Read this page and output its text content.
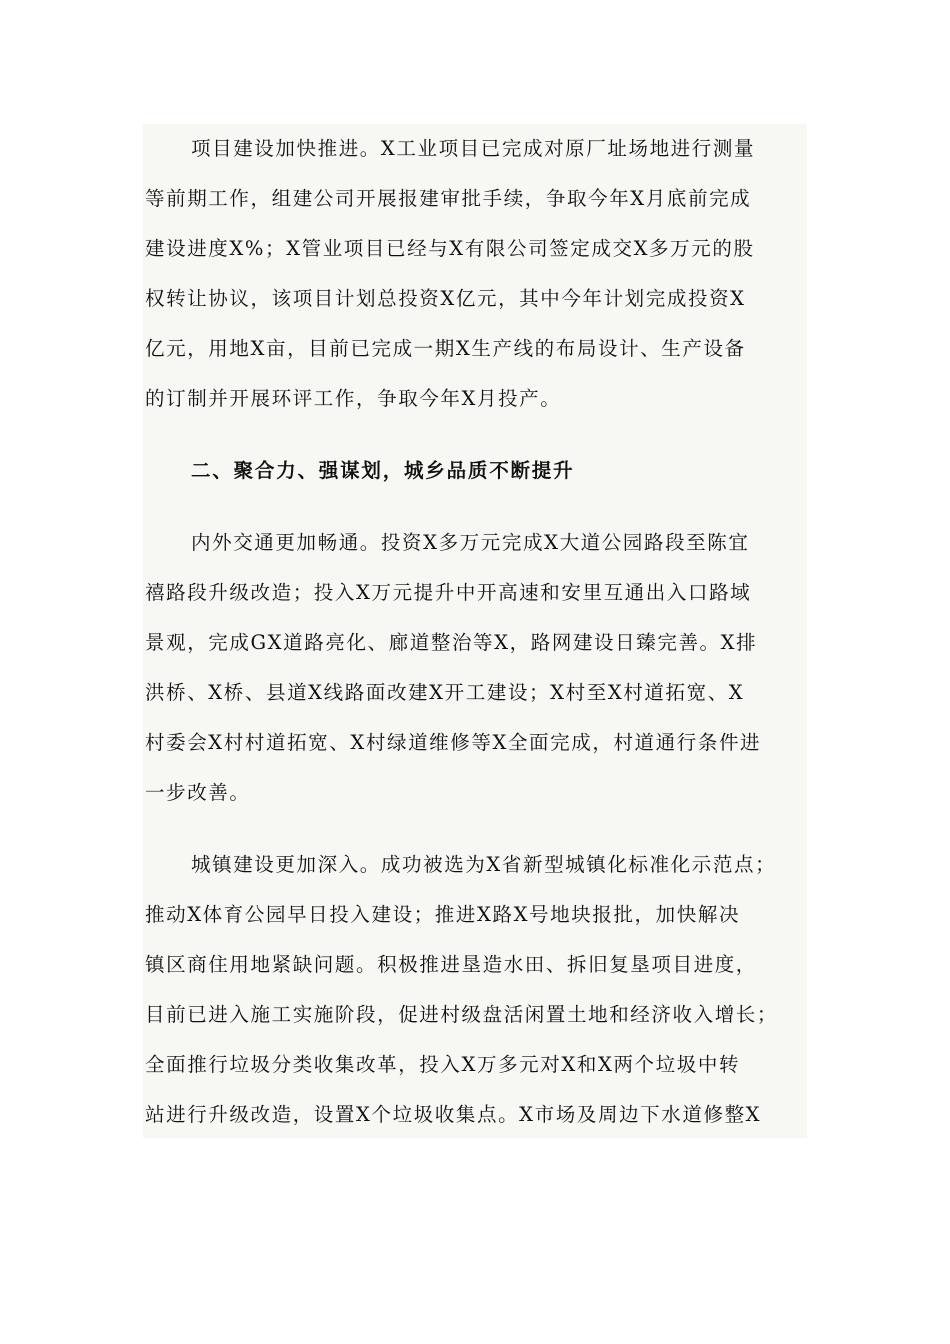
项目建设加快推进。X工业项目已完成对原厂址场地进行测量
等前期工作，组建公司开展报建审批手续，争取今年X月底前完成
建设进度X%；X管业项目已经与X有限公司签定成交X多万元的股
权转让协议，该项目计划总投资X亿元，其中今年计划完成投资X
亿元，用地X亩，目前已完成一期X生产线的布局设计、生产设备
的订制并开展环评工作，争取今年X月投产。
二、聚合力、强谋划，城乡品质不断提升
内外交通更加畅通。投资X多万元完成X大道公园路段至陈宜
禧路段升级改造；投入X万元提升中开高速和安里互通出入口路域
景观，完成GX道路亮化、廊道整治等X，路网建设日臻完善。X排
洪桥、X桥、县道X线路面改建X开工建设；X村至X村道拓宽、X
村委会X村村道拓宽、X村绿道维修等X全面完成，村道通行条件进
一步改善。
城镇建设更加深入。成功被选为X省新型城镇化标准化示范点；
推动X体育公园早日投入建设；推进X路X号地块报批，加快解决
镇区商住用地紧缺问题。积极推进垦造水田、拆旧复垦项目进度，
目前已进入施工实施阶段，促进村级盘活闲置土地和经济收入增长；
全面推行垃圾分类收集改革，投入X万多元对X和X两个垃圾中转
站进行升级改造，设置X个垃圾收集点。X市场及周边下水道修整X
